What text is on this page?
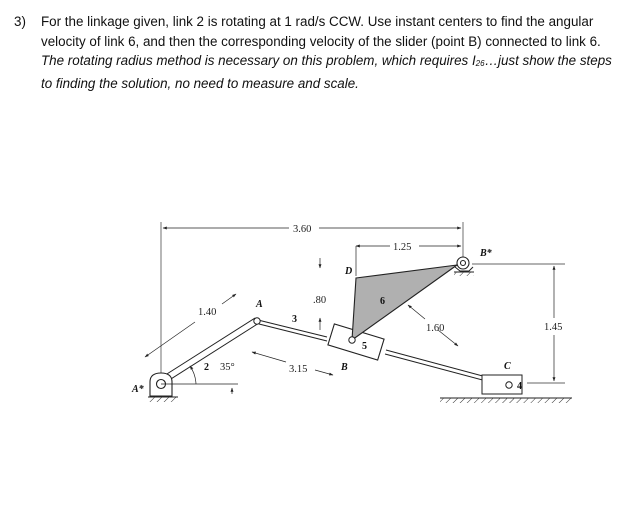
3) For the linkage given, link 2 is rotating at 1 rad/s CCW. Use instant centers to find the angular velocity of link 6, and then the corresponding velocity of the slider (point B) connected to link 6. The rotating radius method is necessary on this problem, which requires $I_{26}\dots just$ show the steps to finding the solution, no need to measure and scale.
3.60
1.25
1.40
.80
3.15
1.60	1.45
35°
A*
A
B
B*
C
D
2
3
4
5
6
